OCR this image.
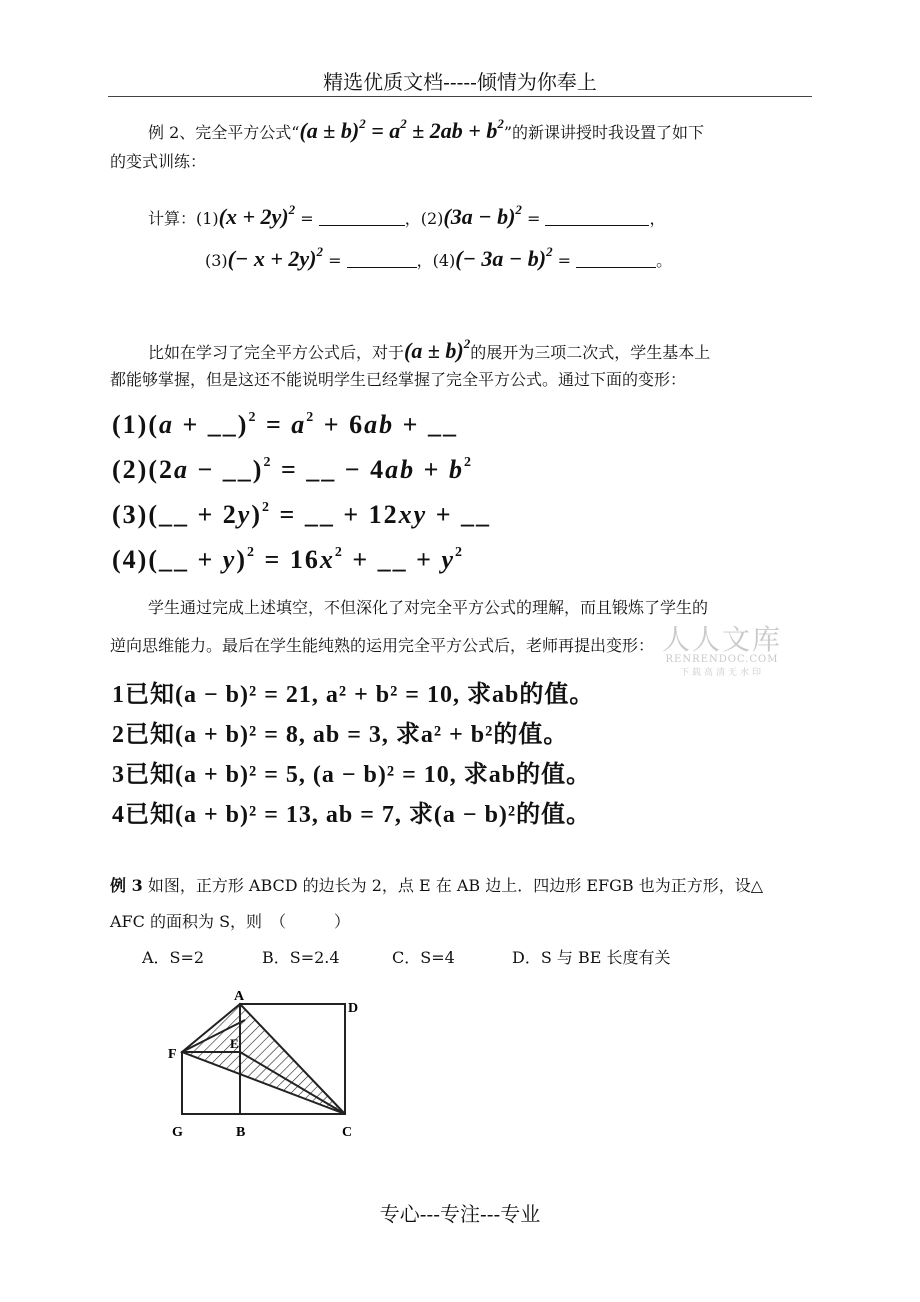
精选优质文档-----倾情为你奉上
例 2、完全平方公式“$(a \pm b)^2 = a^2 \pm 2ab + b^2$”的新课讲授时我设置了如下
的变式训练：
计算：$(1)(x + 2y)^2$ =	，$(2)(3a - b)^2$ =	，
$(3)(- x + 2y)^2$ =	，$(4)(- 3a - b)^2$ =	。
比如在学习了完全平方公式后，对于$(a \pm b)^2$的展开为三项二次式，学生基本上
都能够掌握，但是这还不能说明学生已经掌握了完全平方公式。通过下面的变形：
(1)(a + __)$^2$ = $a^2 + 6ab$ + __
(2)(2a − __)$^2$ = __ − $4ab + b^2$
(3)(__ + 2y)$^2$ = __ + 12xy + __
(4)(__ + $y)^2 = 16x^2$ + __ + $y^2$
学生通过完成上述填空，不但深化了对完全平方公式的理解，而且锻炼了学生的
逆向思维能力。最后在学生能纯熟的运用完全平方公式后，老师再提出变形： 人人文库
RENRENDOC.COM
下载高清无水印
1已知(a − b)² = 21, a² + b² = 10, 求ab的值。
2已知(a + b)² = 8, ab = 3, 求a² + b²的值。
3已知(a + b)² = 5, (a − b)² = 10, 求ab的值。
4已知(a + b)² = 13, ab = 7, 求(a − b)²的值。
例 3 如图，正方形 ABCD 的边长为 2，点 E 在 AB 边上．四边形 EFGB 也为正方形，设△
AFC 的面积为 S，则　（　　　）
A．S=2	B．S=2.4	C．S=4	D．S 与 BE 长度有关
A
D
F
E
G	B	C
专心---专注---专业
